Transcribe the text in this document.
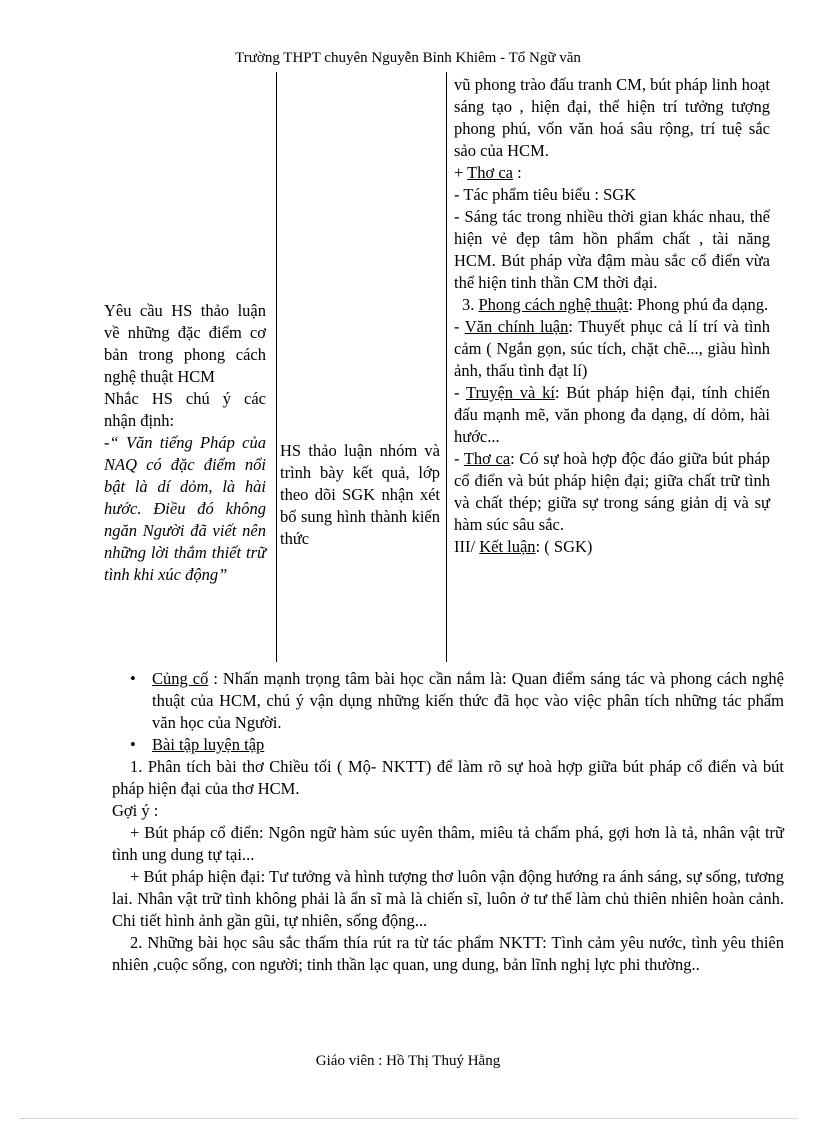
Trường THPT chuyên Nguyễn Bỉnh Khiêm - Tổ Ngữ văn

Yêu cầu HS thảo luận về những đặc điểm cơ bản trong phong cách nghệ thuật HCM

Nhắc HS chú ý các nhận định:

-“ Văn tiếng Pháp của NAQ có đặc điểm nổi bật là dí dỏm, là hài hước. Điều đó không ngăn Người đã viết nên những lời thắm thiết trữ tình khi xúc động”

HS thảo luận nhóm và trình bày kết quả, lớp theo dõi SGK nhận xét bổ sung hình thành kiến thức

vũ phong trào đấu tranh CM, bút pháp linh hoạt sáng tạo , hiện đại, thể hiện trí tưởng tượng phong phú, vốn văn hoá sâu rộng, trí tuệ sắc sảo của HCM.

+ Thơ ca :

- Tác phẩm tiêu biểu : SGK

- Sáng tác trong nhiều thời gian khác nhau, thể hiện vẻ đẹp tâm hồn phẩm chất , tài năng HCM. Bút pháp vừa đậm màu sắc cổ điển vừa thể hiện tinh thần CM thời đại.

3. Phong cách nghệ thuật: Phong phú đa dạng.

- Văn chính luận: Thuyết phục cả lí trí và tình cảm ( Ngắn gọn, súc tích, chặt chẽ..., giàu hình ảnh, thấu tình đạt lí)

- Truyện và kí: Bút pháp hiện đại, tính chiến đấu mạnh mẽ, văn phong đa dạng, dí dỏm, hài hước...

- Thơ ca: Có sự hoà hợp độc đáo giữa bút pháp cổ điển và bút pháp hiện đại; giữa chất trữ tình và chất thép; giữa sự trong sáng giản dị và sự hàm súc sâu sắc.

III/ Kết luận: ( SGK)

• Củng cố : Nhấn mạnh trọng tâm bài học cần nắm là: Quan điểm sáng tác và phong cách nghệ thuật của HCM, chú ý vận dụng những kiến thức đã học vào việc phân tích những tác phẩm văn học của Người.

• Bài tập luyện tập

1. Phân tích bài thơ Chiều tối ( Mộ- NKTT) để làm rõ sự hoà hợp giữa bút pháp cổ điển và bút pháp hiện đại của thơ HCM.

Gợi ý :

+ Bút pháp cổ điển: Ngôn ngữ hàm súc uyên thâm, miêu tả chấm phá, gợi hơn là tả, nhân vật trữ tình ung dung tự tại...

+ Bút pháp hiện đại: Tư tưởng và hình tượng thơ luôn vận động hướng ra ánh sáng, sự sống, tương lai. Nhân vật trữ tình không phải là ẩn sĩ mà là chiến sĩ, luôn ở tư thế làm chủ thiên nhiên hoàn cảnh. Chi tiết hình ảnh gần gũi, tự nhiên, sống động...

2. Những bài học sâu sắc thấm thía rút ra từ tác phẩm NKTT: Tình cảm yêu nước, tình yêu thiên nhiên ,cuộc sống, con người; tinh thần lạc quan, ung dung, bản lĩnh nghị lực phi thường..

Giáo viên : Hồ Thị Thuý Hằng
